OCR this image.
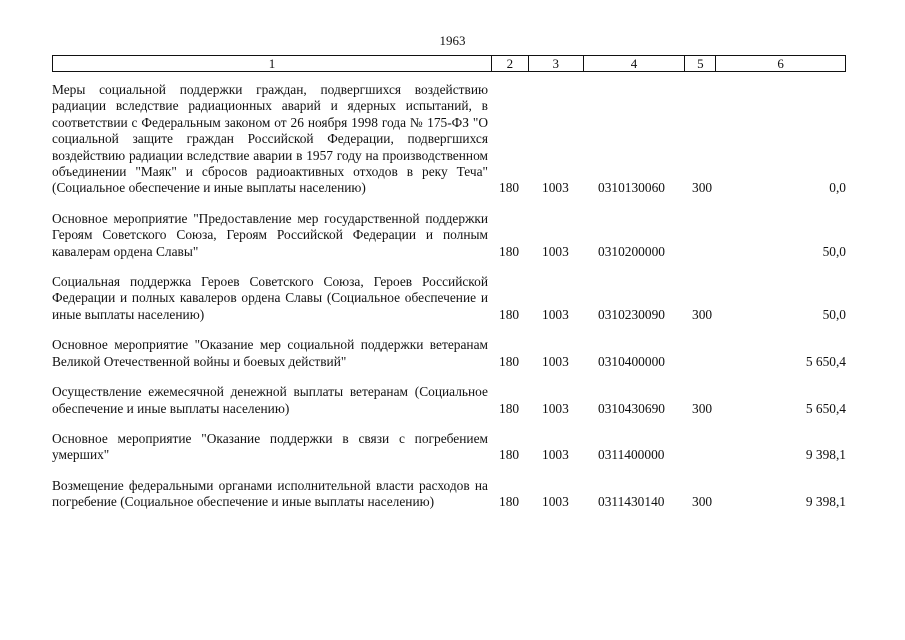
1963
1	2	3	4	5	6
Меры социальной поддержки граждан, подвергшихся воздействию радиации вследствие радиационных аварий и ядерных испытаний, в соответствии с Федеральным законом от 26 ноября 1998 года № 175-ФЗ "О социальной защите граждан Российской Федерации, подвергшихся воздействию радиации вследствие аварии в 1957 году на производственном объединении "Маяк" и сбросов радиоактивных отходов в реку Теча" (Социальное обеспечение и иные выплаты населению)	180 1003 0310130060 300	0,0
Основное мероприятие "Предоставление мер государственной поддержки Героям Советского Союза, Героям Российской Федерации и полным кавалерам ордена Славы"	180 1003 0310200000	50,0
Социальная поддержка Героев Советского Союза, Героев Российской Федерации и полных кавалеров ордена Славы (Социальное обеспечение и иные выплаты населению)	180 1003 0310230090 300	50,0
Основное мероприятие "Оказание мер социальной поддержки ветеранам Великой Отечественной войны и боевых действий"	180 1003 0310400000	5 650,4
Осуществление ежемесячной денежной выплаты ветеранам (Социальное обеспечение и иные выплаты населению)	180 1003 0310430690 300	5 650,4
Основное мероприятие "Оказание поддержки в связи с погребением умерших"	180 1003 0311400000	9 398,1
Возмещение федеральными органами исполнительной власти расходов на погребение (Социальное обеспечение и иные выплаты населению)	180 1003 0311430140 300	9 398,1
